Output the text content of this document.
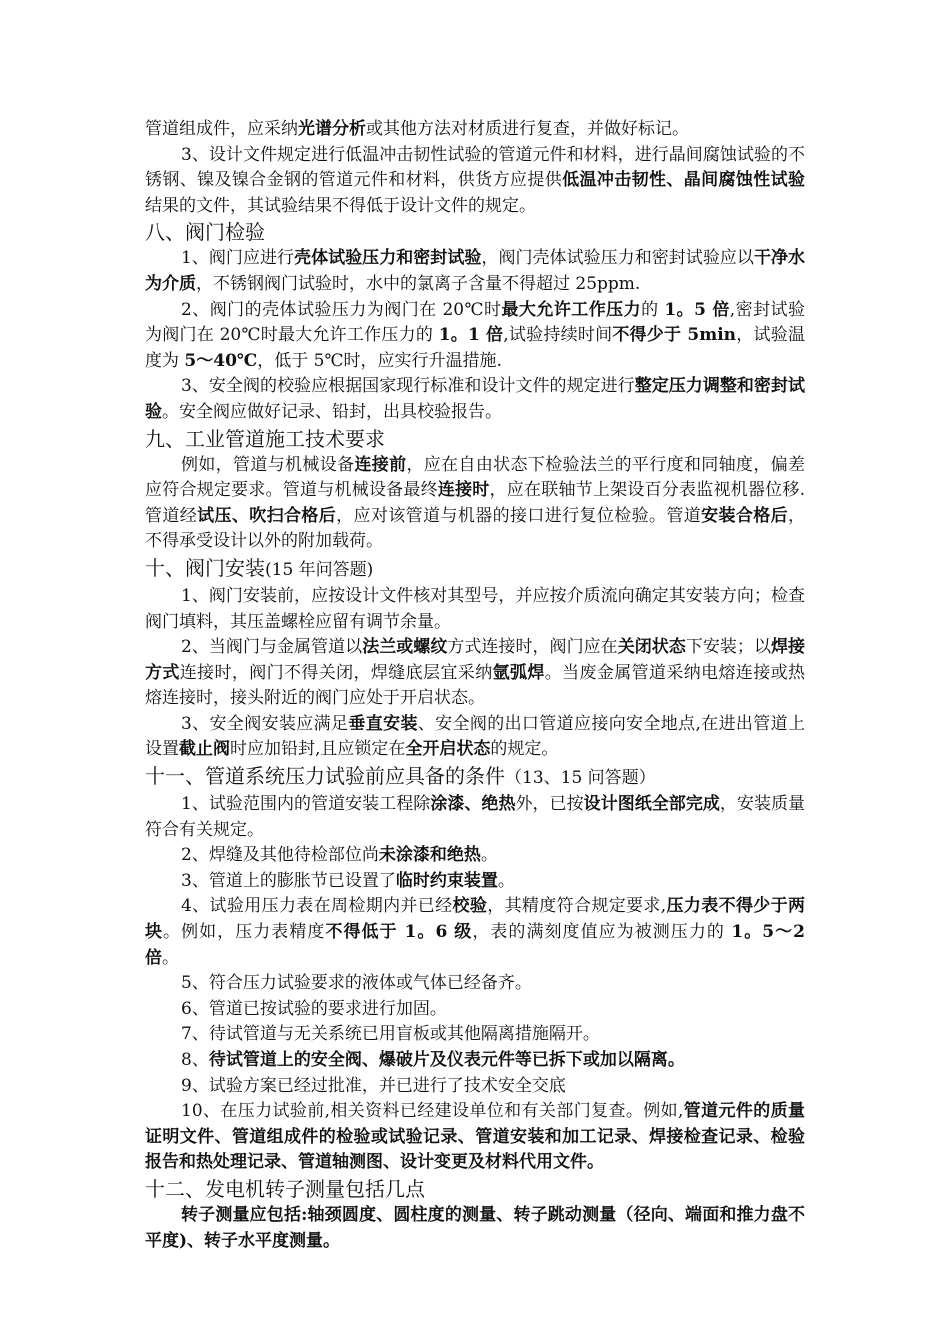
管道组成件，应采纳光谱分析或其他方法对材质进行复查，并做好标记。
3、设计文件规定进行低温冲击韧性试验的管道元件和材料，进行晶间腐蚀试验的不锈钢、镍及镍合金钢的管道元件和材料，供货方应提供低温冲击韧性、晶间腐蚀性试验结果的文件，其试验结果不得低于设计文件的规定。
八、阀门检验
1、阀门应进行壳体试验压力和密封试验，阀门壳体试验压力和密封试验应以干净水为介质，不锈钢阀门试验时，水中的氯离子含量不得超过 25ppm.
2、阀门的壳体试验压力为阀门在 20℃时最大允许工作压力的 1。5 倍,密封试验为阀门在 20℃时最大允许工作压力的 1。1 倍,试验持续时间不得少于 5min，试验温度为 5～40℃，低于 5℃时，应实行升温措施.
3、安全阀的校验应根据国家现行标准和设计文件的规定进行整定压力调整和密封试验。安全阀应做好记录、铅封，出具校验报告。
九、工业管道施工技术要求
例如，管道与机械设备连接前，应在自由状态下检验法兰的平行度和同轴度，偏差应符合规定要求。管道与机械设备最终连接时，应在联轴节上架设百分表监视机器位移.管道经试压、吹扫合格后，应对该管道与机器的接口进行复位检验。管道安装合格后，不得承受设计以外的附加载荷。
十、阀门安装(15 年问答题)
1、阀门安装前，应按设计文件核对其型号，并应按介质流向确定其安装方向；检查阀门填料，其压盖螺栓应留有调节余量。
2、当阀门与金属管道以法兰或螺纹方式连接时，阀门应在关闭状态下安装；以焊接方式连接时，阀门不得关闭，焊缝底层宜采纳氩弧焊。当废金属管道采纳电熔连接或热熔连接时，接头附近的阀门应处于开启状态。
3、安全阀安装应满足垂直安装、安全阀的出口管道应接向安全地点,在进出管道上设置截止阀时应加铅封,且应锁定在全开启状态的规定。
十一、管道系统压力试验前应具备的条件（13、15 问答题）
1、试验范围内的管道安装工程除涂漆、绝热外，已按设计图纸全部完成，安装质量符合有关规定。
2、焊缝及其他待检部位尚未涂漆和绝热。
3、管道上的膨胀节已设置了临时约束装置。
4、试验用压力表在周检期内并已经校验，其精度符合规定要求,压力表不得少于两块。例如，压力表精度不得低于 1。6 级，表的满刻度值应为被测压力的 1。5～2 倍。
5、符合压力试验要求的液体或气体已经备齐。
6、管道已按试验的要求进行加固。
7、待试管道与无关系统已用盲板或其他隔离措施隔开。
8、待试管道上的安全阀、爆破片及仪表元件等已拆下或加以隔离。
9、试验方案已经过批准，并已进行了技术安全交底
10、在压力试验前,相关资料已经建设单位和有关部门复查。例如,管道元件的质量证明文件、管道组成件的检验或试验记录、管道安装和加工记录、焊接检查记录、检验报告和热处理记录、管道轴测图、设计变更及材料代用文件。
十二、发电机转子测量包括几点
转子测量应包括:轴颈圆度、圆柱度的测量、转子跳动测量（径向、端面和推力盘不平度)、转子水平度测量。
